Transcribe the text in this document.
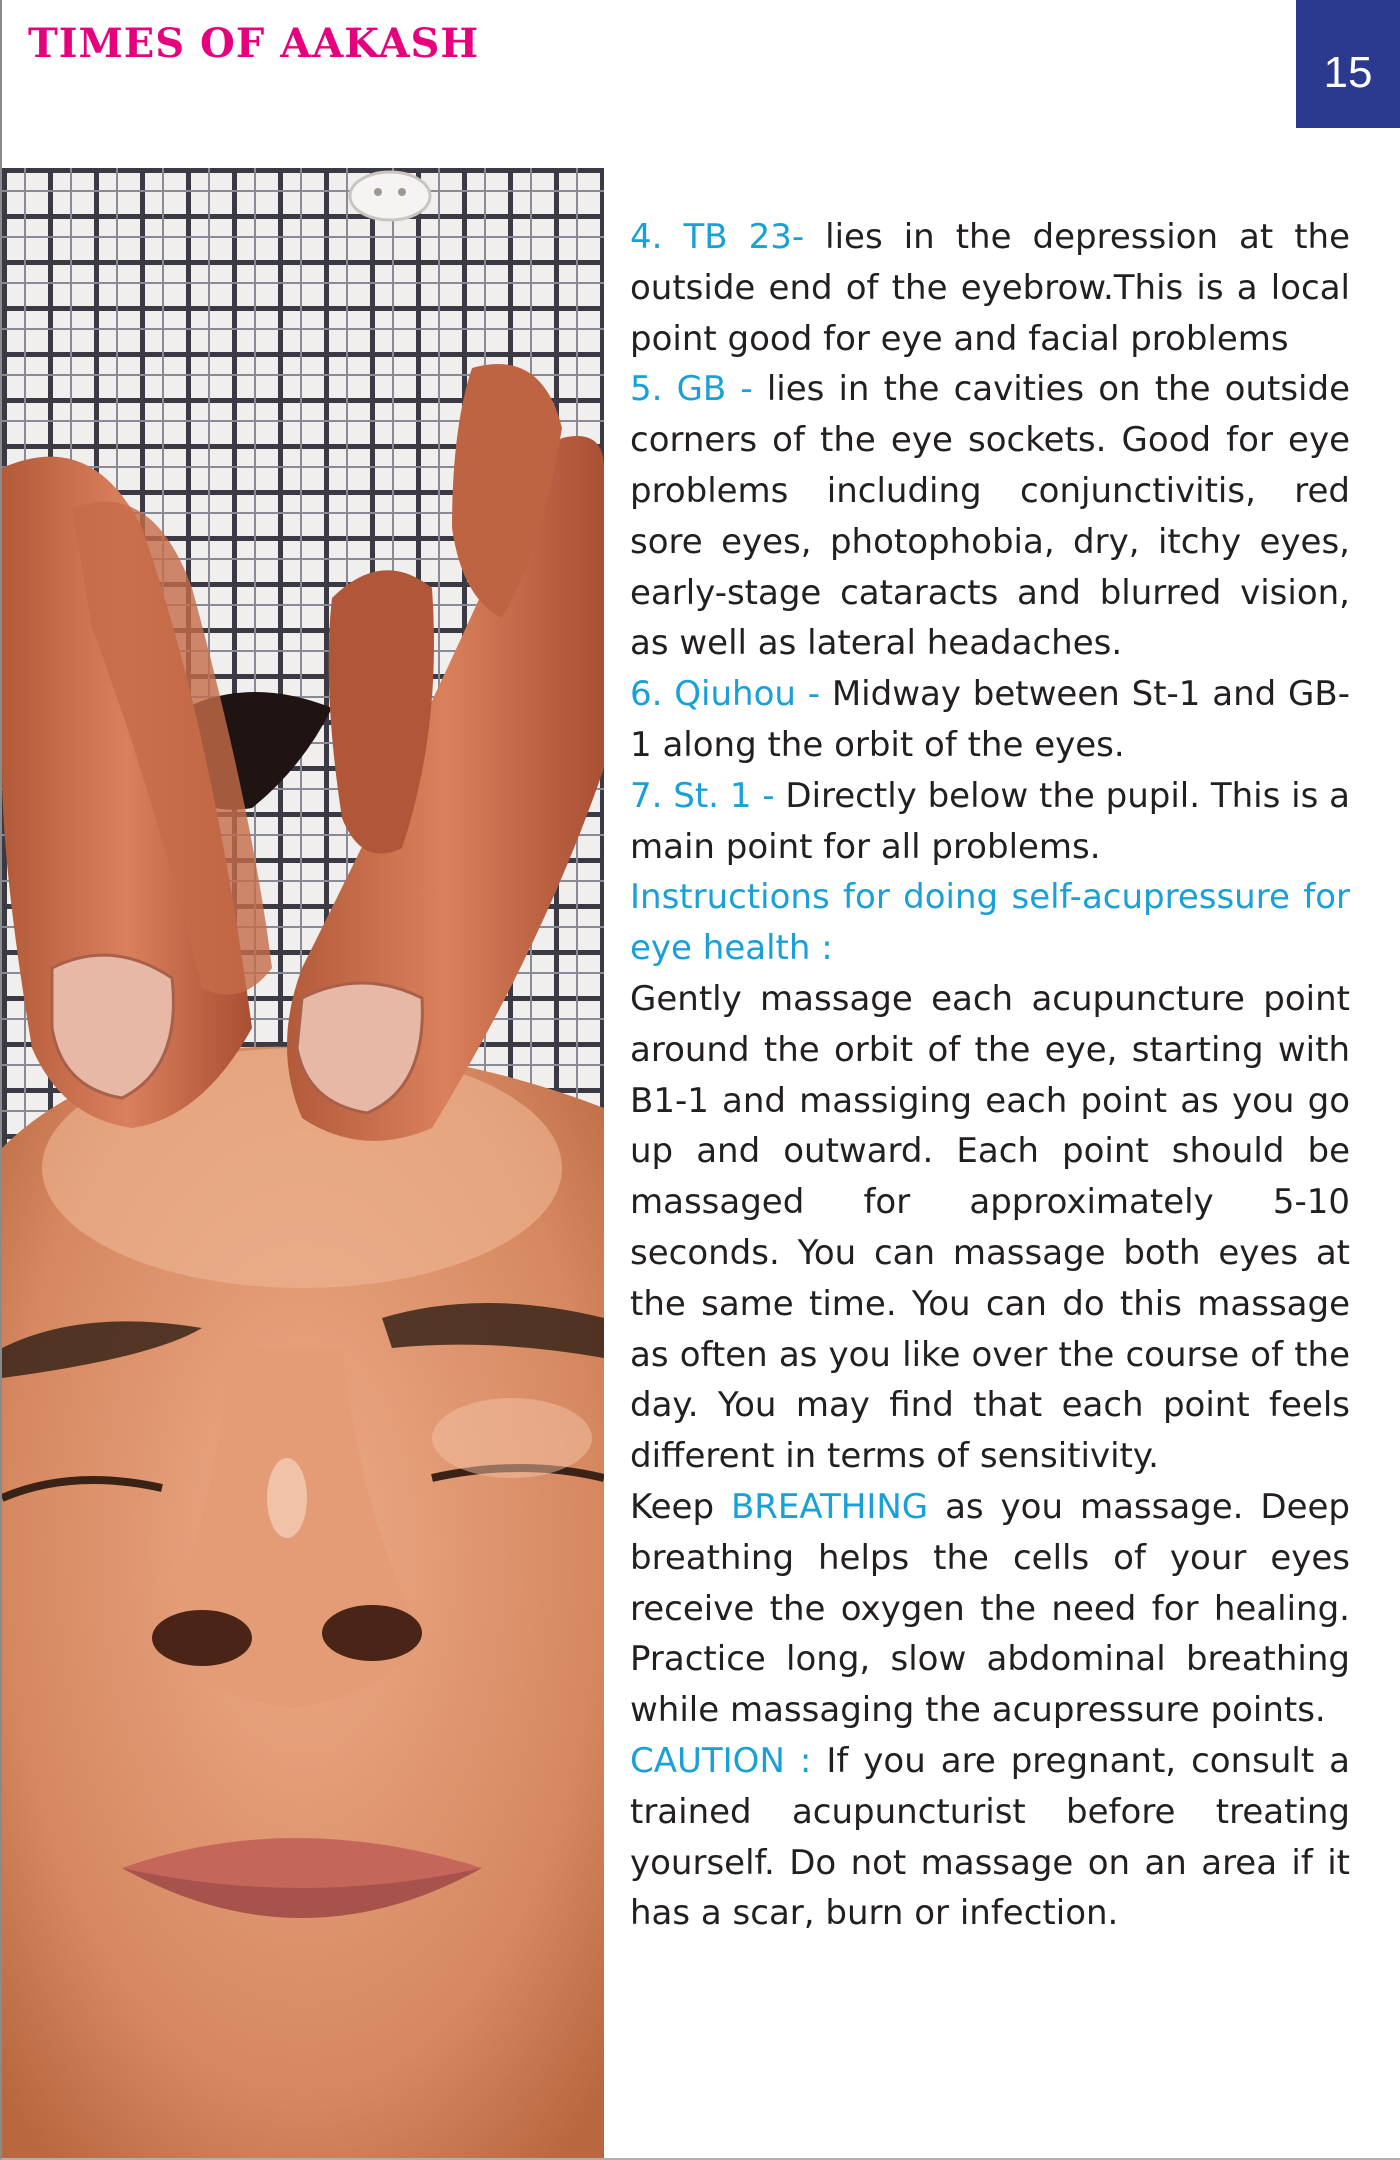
TIMES OF AAKASH
15

4. TB 23- lies in the depression at the outside end of the eyebrow.This is a local point good for eye and facial problems

5. GB - lies in the cavities on the outside corners of the eye sockets. Good for eye problems including conjunctivitis, red sore eyes, photophobia, dry, itchy eyes, early-stage cataracts and blurred vision, as well as lateral headaches.

6. Qiuhou - Midway between St-1 and GB-1 along the orbit of the eyes.

7. St. 1 - Directly below the pupil. This is a main point for all problems.

Instructions for doing self-acupressure for eye health :

Gently massage each acupuncture point around the orbit of the eye, starting with B1-1 and massiging each point as you go up and outward. Each point should be massaged for approximately 5-10 seconds. You can massage both eyes at the same time. You can do this massage as often as you like over the course of the day. You may find that each point feels different in terms of sensitivity.

Keep BREATHING as you massage. Deep breathing helps the cells of your eyes receive the oxygen the need for healing. Practice long, slow abdominal breathing while massaging the acupressure points.

CAUTION : If you are pregnant, consult a trained acupuncturist before treating yourself. Do not massage on an area if it has a scar, burn or infection.
